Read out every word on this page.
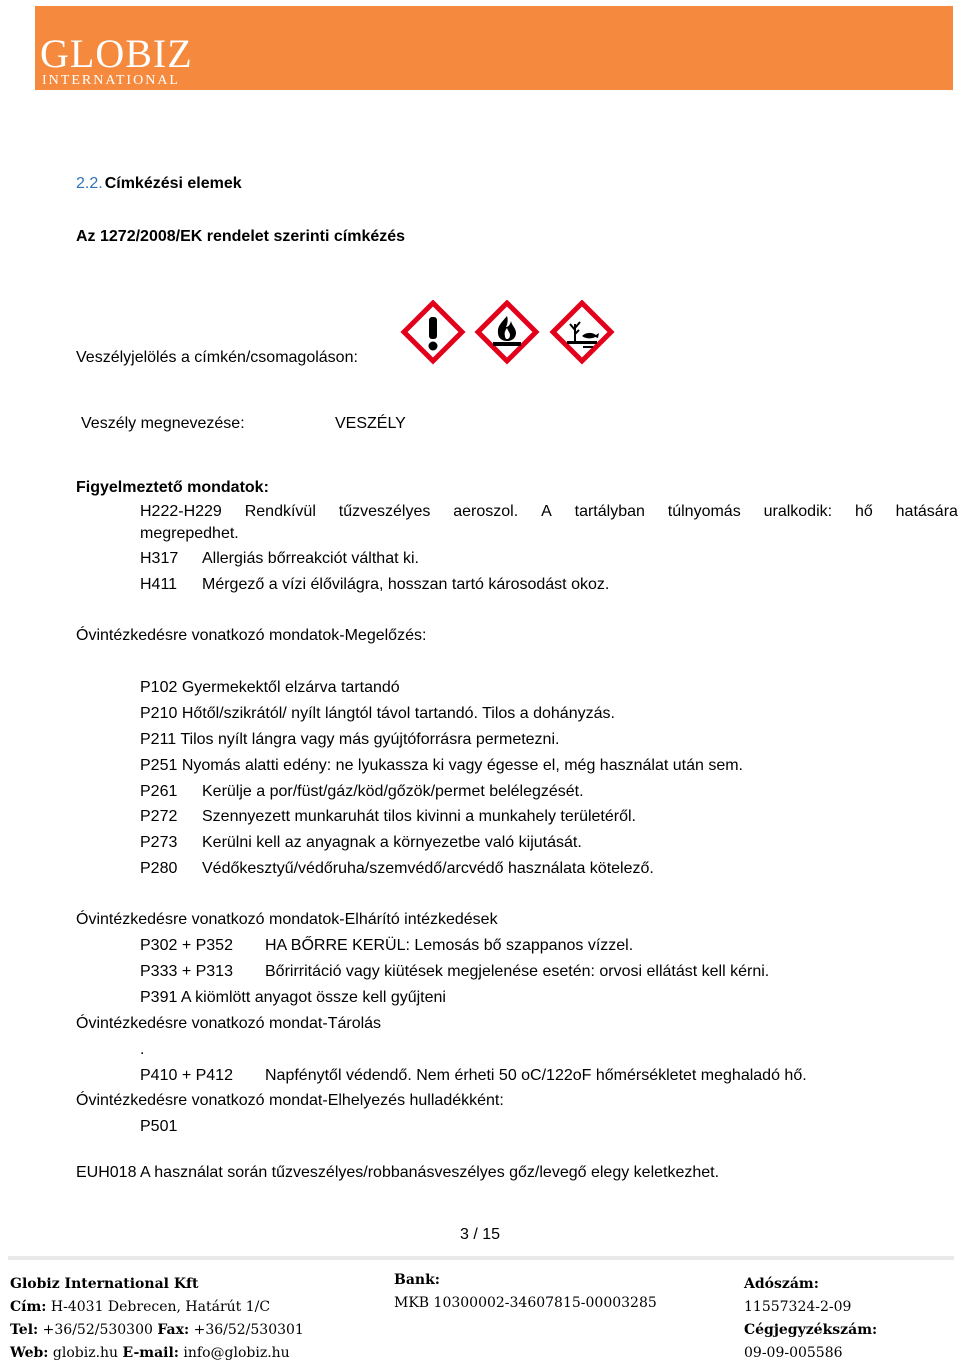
GLOBIZ
INTERNATIONAL
2.2. Címkézési elemek
Az 1272/2008/EK rendelet szerinti címkézés
Veszélyjelölés a címkén/csomagoláson:
Veszély megnevezése:	VESZÉLY
Figyelmeztető mondatok:
H222-H229 Rendkívül tűzveszélyes aeroszol. A tartályban túlnyomás uralkodik: hő hatására
megrepedhet.
H317 Allergiás bőrreakciót válthat ki.
H411 Mérgező a vízi élővilágra, hosszan tartó károsodást okoz.
Óvintézkedésre vonatkozó mondatok-Megelőzés:
P102 Gyermekektől elzárva tartandó
P210 Hőtől/szikrától/ nyílt lángtól távol tartandó. Tilos a dohányzás.
P211 Tilos nyílt lángra vagy más gyújtóforrásra permetezni.
P251 Nyomás alatti edény: ne lyukassza ki vagy égesse el, még használat után sem.
P261 Kerülje a por/füst/gáz/köd/gőzök/permet belélegzését.
P272 Szennyezett munkaruhát tilos kivinni a munkahely területéről.
P273 Kerülni kell az anyagnak a környezetbe való kijutását.
P280 Védőkesztyű/védőruha/szemvédő/arcvédő használata kötelező.
Óvintézkedésre vonatkozó mondatok-Elhárító intézkedések
P302 + P352 HA BŐRRE KERÜL: Lemosás bő szappanos vízzel.
P333 + P313 Bőrirritáció vagy kiütések megjelenése esetén: orvosi ellátást kell kérni.
P391 A kiömlött anyagot össze kell gyűjteni
Óvintézkedésre vonatkozó mondat-Tárolás
.
P410 + P412 Napfénytől védendő. Nem érheti 50 oC/122oF hőmérsékletet meghaladó hő.
Óvintézkedésre vonatkozó mondat-Elhelyezés hulladékként:
P501
EUH018 A használat során tűzveszélyes/robbanásveszélyes gőz/levegő elegy keletkezhet.
3 / 15
Globiz International Kft
Cím: H-4031 Debrecen, Határút 1/C
Tel: +36/52/530300 Fax: +36/52/530301
Web: globiz.hu E-mail: info@globiz.hu
Bank:
MKB 10300002-34607815-00003285
Adószám:
11557324-2-09
Cégjegyzékszám:
09-09-005586
